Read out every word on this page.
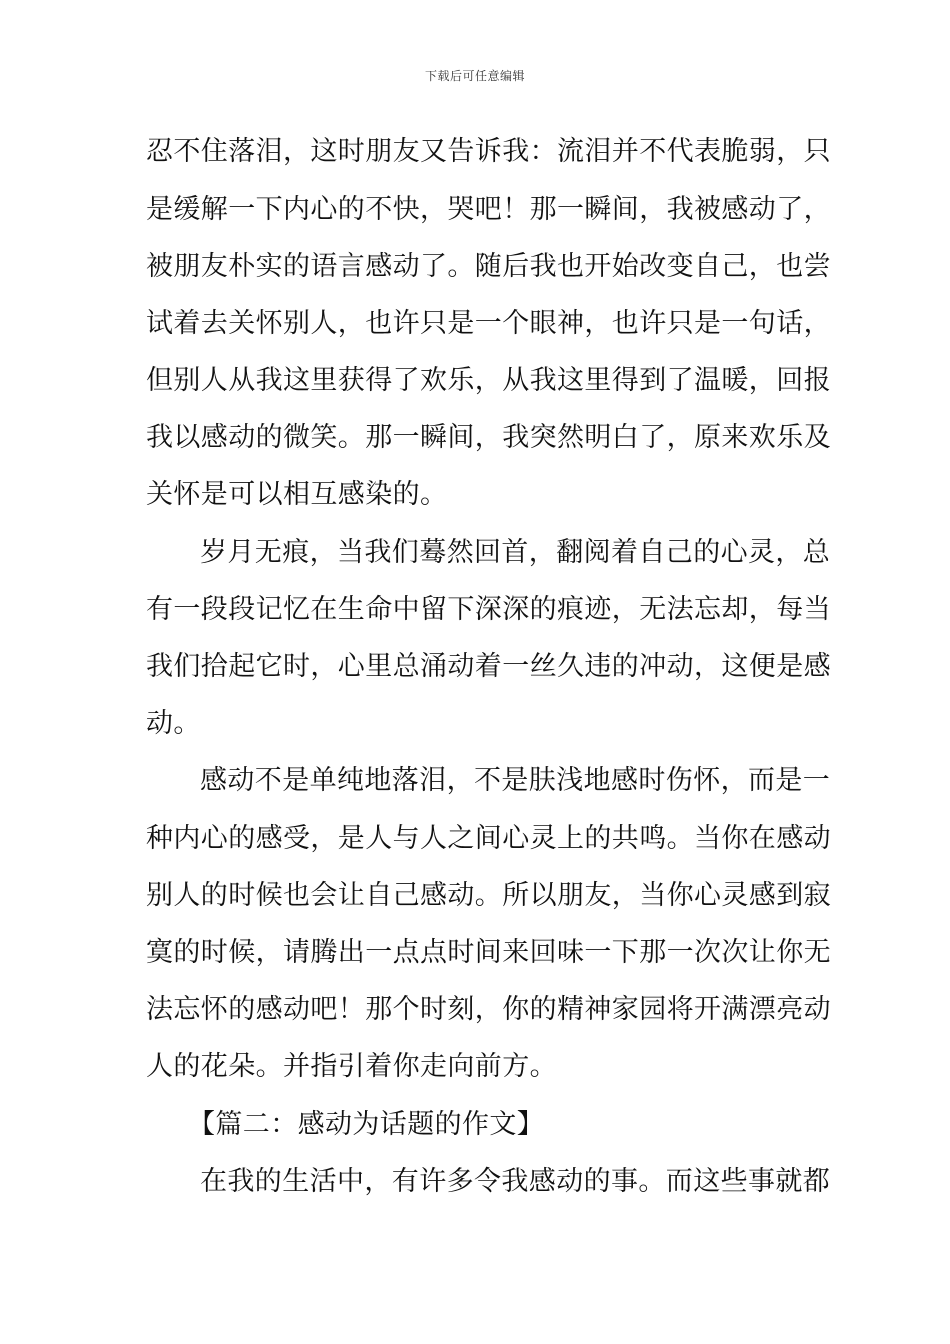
下载后可任意编辑
忍不住落泪，这时朋友又告诉我：流泪并不代表脆弱，只
是缓解一下内心的不快，哭吧！那一瞬间，我被感动了，
被朋友朴实的语言感动了。随后我也开始改变自己，也尝
试着去关怀别人，也许只是一个眼神，也许只是一句话，
但别人从我这里获得了欢乐，从我这里得到了温暖，回报
我以感动的微笑。那一瞬间，我突然明白了，原来欢乐及
关怀是可以相互感染的。
岁月无痕，当我们蓦然回首，翻阅着自己的心灵，总
有一段段记忆在生命中留下深深的痕迹，无法忘却，每当
我们拾起它时，心里总涌动着一丝久违的冲动，这便是感
动。
感动不是单纯地落泪，不是肤浅地感时伤怀，而是一
种内心的感受，是人与人之间心灵上的共鸣。当你在感动
别人的时候也会让自己感动。所以朋友，当你心灵感到寂
寞的时候，请腾出一点点时间来回味一下那一次次让你无
法忘怀的感动吧！那个时刻，你的精神家园将开满漂亮动
人的花朵。并指引着你走向前方。
【篇二：感动为话题的作文】
在我的生活中，有许多令我感动的事。而这些事就都
